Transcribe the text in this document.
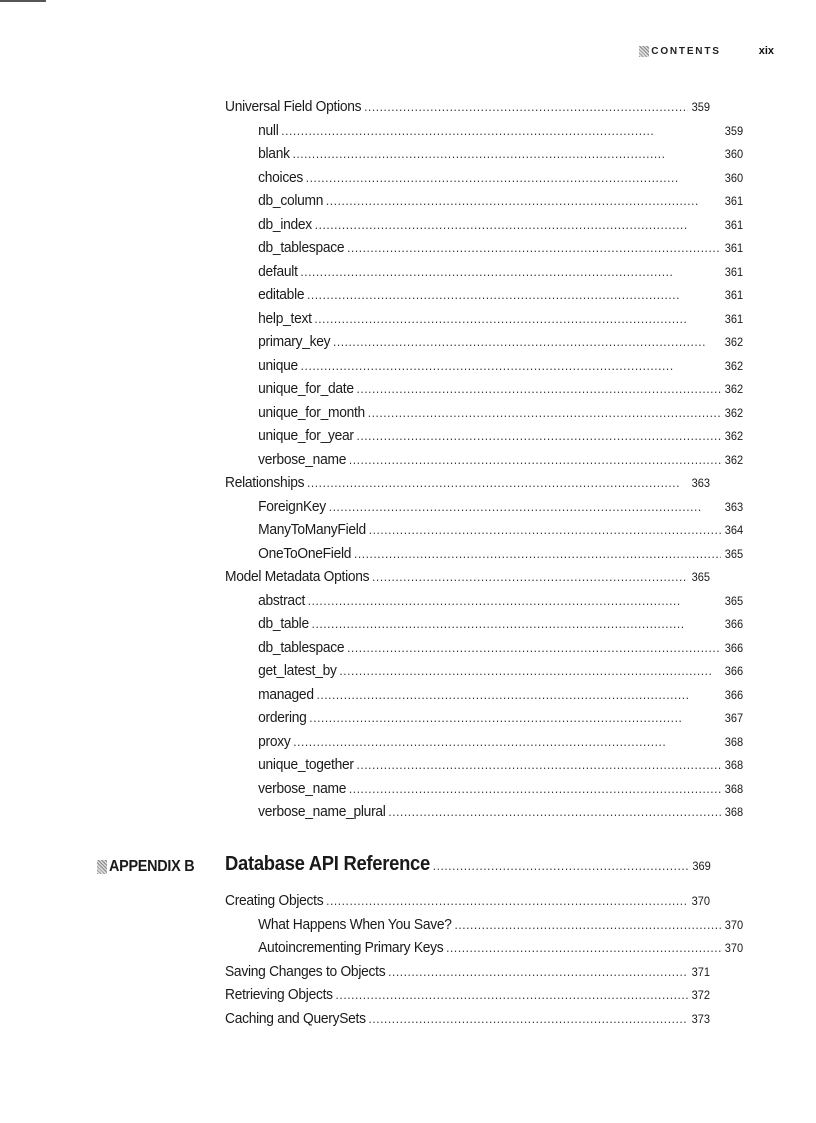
CONTENTS	xix
Universal Field Options . . .	359
null . . .	359
blank . . .	360
choices . . .	360
db_column . . .	361
db_index . . .	361
db_tablespace . . .	361
default . . .	361
editable . . .	361
help_text . . .	361
primary_key . . .	362
unique . . .	362
unique_for_date . . .	362
unique_for_month . . .	362
unique_for_year . . .	362
verbose_name . . .	362
Relationships . . .	363
ForeignKey . . .	363
ManyToManyField . . .	364
OneToOneField . . .	365
Model Metadata Options . . .	365
abstract . . .	365
db_table . . .	366
db_tablespace . . .	366
get_latest_by . . .	366
managed . . .	366
ordering . . .	367
proxy . . .	368
unique_together . . .	368
verbose_name . . .	368
verbose_name_plural . . .	368
APPENDIX B Database API Reference . . .	369
Creating Objects . . .	370
What Happens When You Save? . . .	370
Autoincrementing Primary Keys . . .	370
Saving Changes to Objects . . .	371
Retrieving Objects . . .	372
Caching and QuerySets . . .	373
